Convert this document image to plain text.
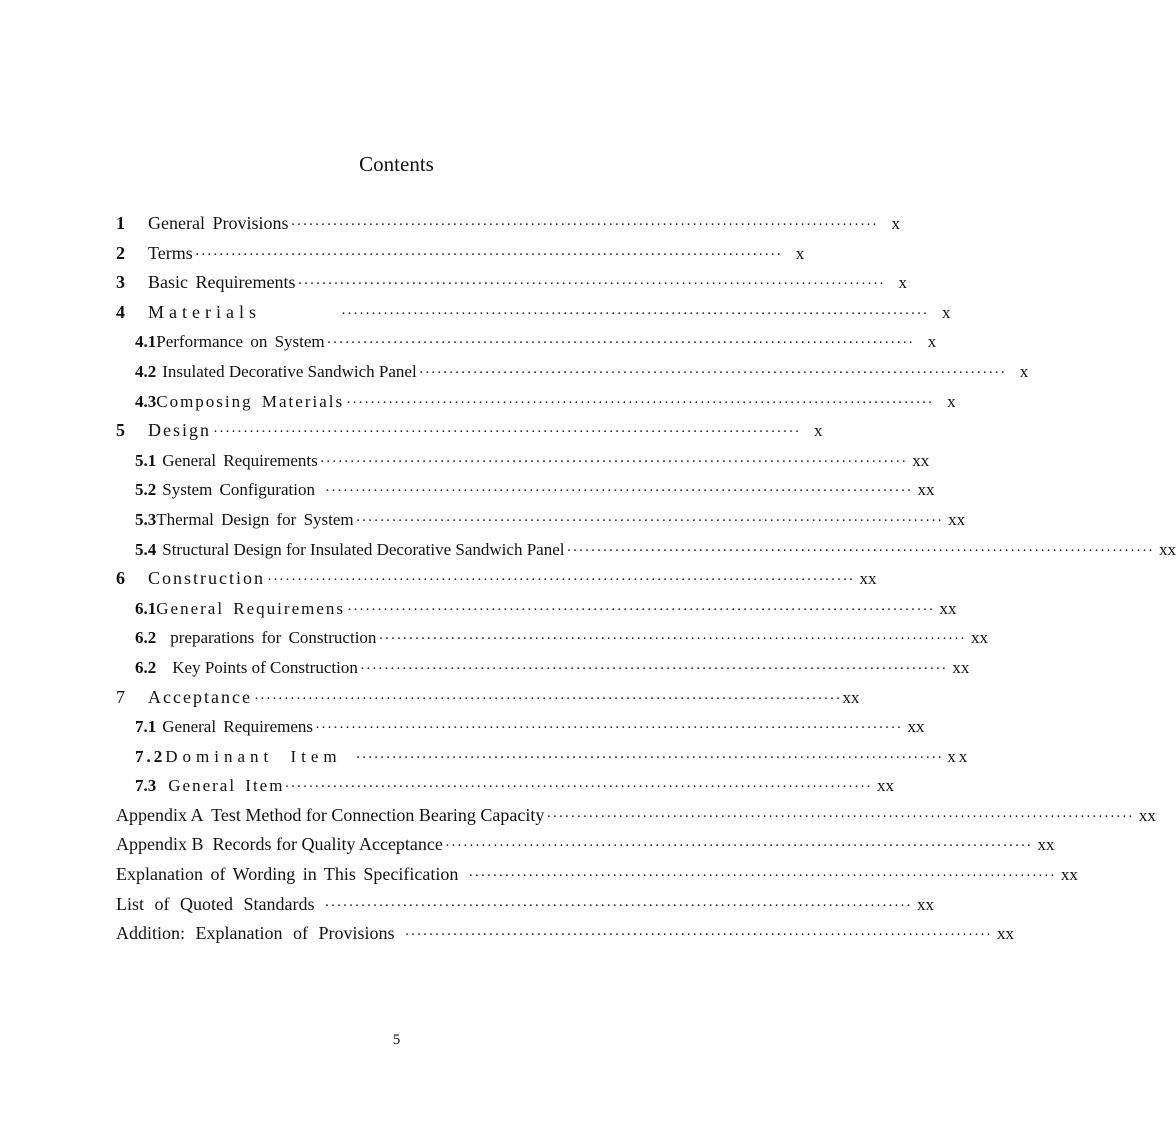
Contents
1	General Provisions ·····	x
2	Terms ·····	x
3	Basic Requirements ·····	x
4	Materials ·····	x
4.1 Performance on System ·····	x
4.2 Insulated Decorative Sandwich Panel ·····	x
4.3 Composing Materials ·····	x
5	Design ·····	x
5.1 General Requirements ·····	xx
5.2 System Configuration ·····	xx
5.3 Thermal Design for System ·····	xx
5.4 Structural Design for Insulated Decorative Sandwich Panel ·····	xx
6	Construction ·····	xx
6.1 General Requiremens ·····	xx
6.2 preparations for Construction ·····	xx
6.2 Key Points of Construction ·····	xx
7	Acceptance ·····	xx
7.1 General Requiremens ·····	xx
7.2 Dominant Item ·····	xx
7.3 General Item ·····	xx
Appendix A  Test Method for Connection Bearing Capacity ·····	xx
Appendix B  Records for Quality Acceptance ·····	xx
Explanation of Wording in This Specification ·····	xx
List of Quoted Standards ·····	xx
Addition: Explanation of Provisions ·····	xx
5
